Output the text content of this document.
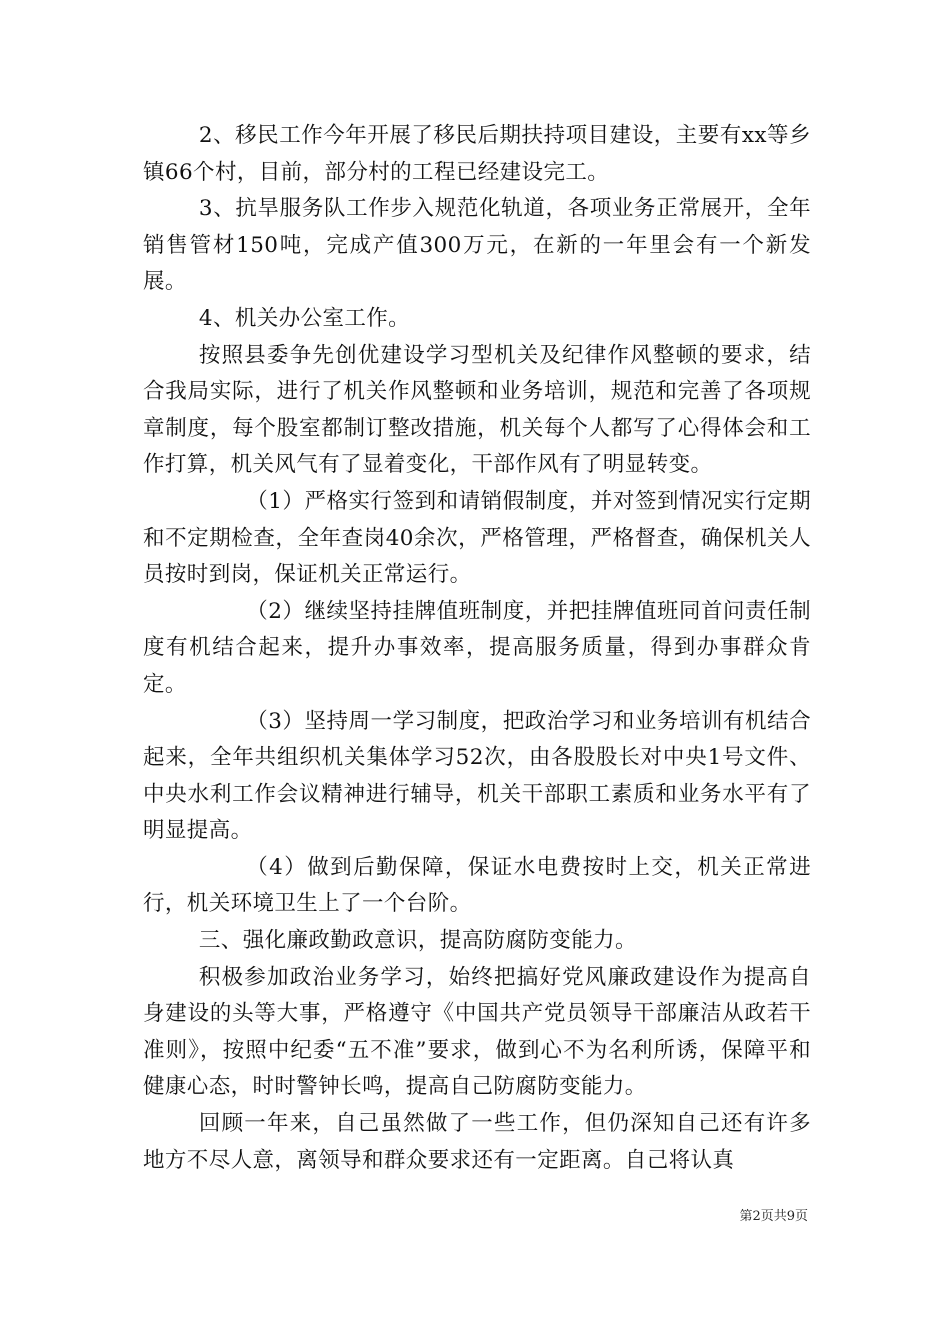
2、移民工作今年开展了移民后期扶持项目建设，主要有xx等乡镇66个村，目前，部分村的工程已经建设完工。

3、抗旱服务队工作步入规范化轨道，各项业务正常展开，全年销售管材150吨，完成产值300万元，在新的一年里会有一个新发展。

4、机关办公室工作。

按照县委争先创优建设学习型机关及纪律作风整顿的要求，结合我局实际，进行了机关作风整顿和业务培训，规范和完善了各项规章制度，每个股室都制订整改措施，机关每个人都写了心得体会和工作打算，机关风气有了显着变化，干部作风有了明显转变。

（1）严格实行签到和请销假制度，并对签到情况实行定期和不定期检查，全年查岗40余次，严格管理，严格督查，确保机关人员按时到岗，保证机关正常运行。

（2）继续坚持挂牌值班制度，并把挂牌值班同首问责任制度有机结合起来，提升办事效率，提高服务质量，得到办事群众肯定。

（3）坚持周一学习制度，把政治学习和业务培训有机结合起来，全年共组织机关集体学习52次，由各股股长对中央1号文件、中央水利工作会议精神进行辅导，机关干部职工素质和业务水平有了明显提高。

（4）做到后勤保障，保证水电费按时上交，机关正常进行，机关环境卫生上了一个台阶。

三、强化廉政勤政意识，提高防腐防变能力。

积极参加政治业务学习，始终把搞好党风廉政建设作为提高自身建设的头等大事，严格遵守《中国共产党员领导干部廉洁从政若干准则》，按照中纪委“五不准”要求，做到心不为名利所诱，保障平和健康心态，时时警钟长鸣，提高自己防腐防变能力。

回顾一年来，自己虽然做了一些工作，但仍深知自己还有许多地方不尽人意，离领导和群众要求还有一定距离。自己将认真

第2页共9页
